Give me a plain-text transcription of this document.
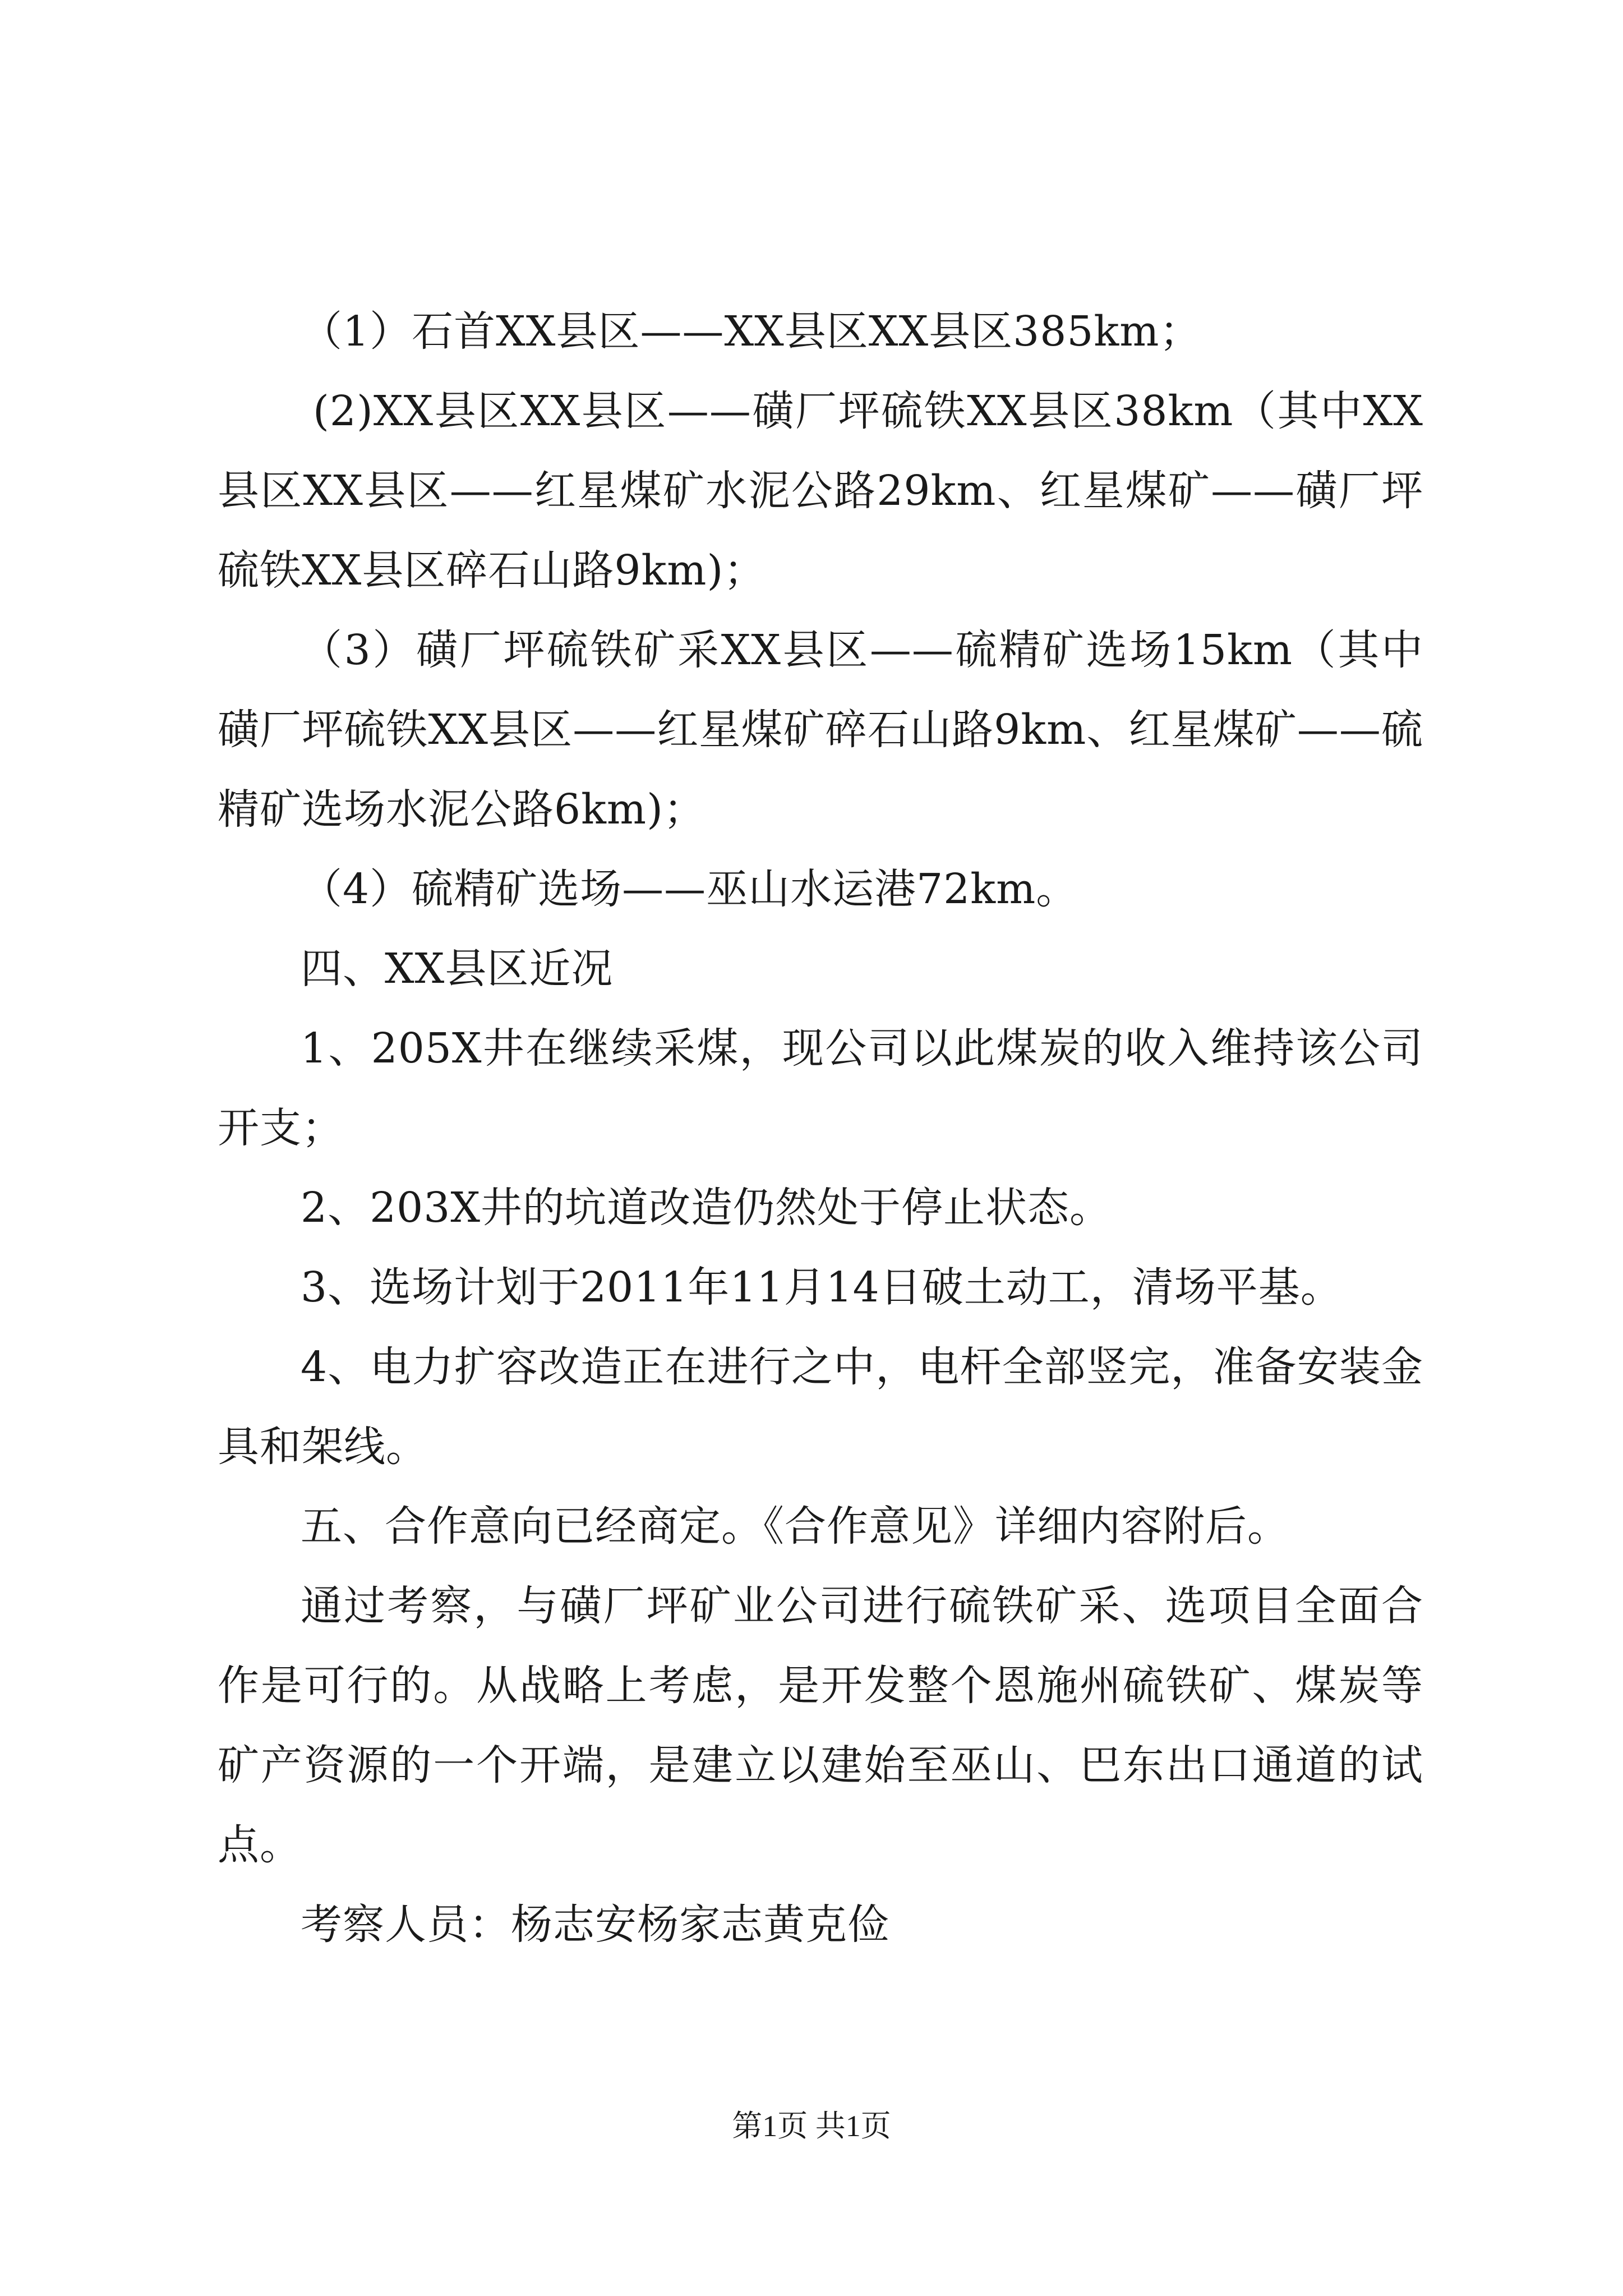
（1）石首XX县区——XX县区XX县区385km；

(2)XX县区XX县区——磺厂坪硫铁XX县区38km（其中XX县区XX县区——红星煤矿水泥公路29km、红星煤矿——磺厂坪硫铁XX县区碎石山路9km)；

（3）磺厂坪硫铁矿采XX县区——硫精矿选场15km（其中磺厂坪硫铁XX县区——红星煤矿碎石山路9km、红星煤矿——硫精矿选场水泥公路6km)；

（4）硫精矿选场——巫山水运港72km。

四、XX县区近况

1、205X井在继续采煤，现公司以此煤炭的收入维持该公司开支；

2、203X井的坑道改造仍然处于停止状态。

3、选场计划于2011年11月14日破土动工，清场平基。

4、电力扩容改造正在进行之中，电杆全部竖完，准备安装金具和架线。

五、合作意向已经商定。《合作意见》详细内容附后。

通过考察，与磺厂坪矿业公司进行硫铁矿采、选项目全面合作是可行的。从战略上考虑，是开发整个恩施州硫铁矿、煤炭等矿产资源的一个开端，是建立以建始至巫山、巴东出口通道的试点。

考察人员：杨志安杨家志黄克俭

第1页 共1页
